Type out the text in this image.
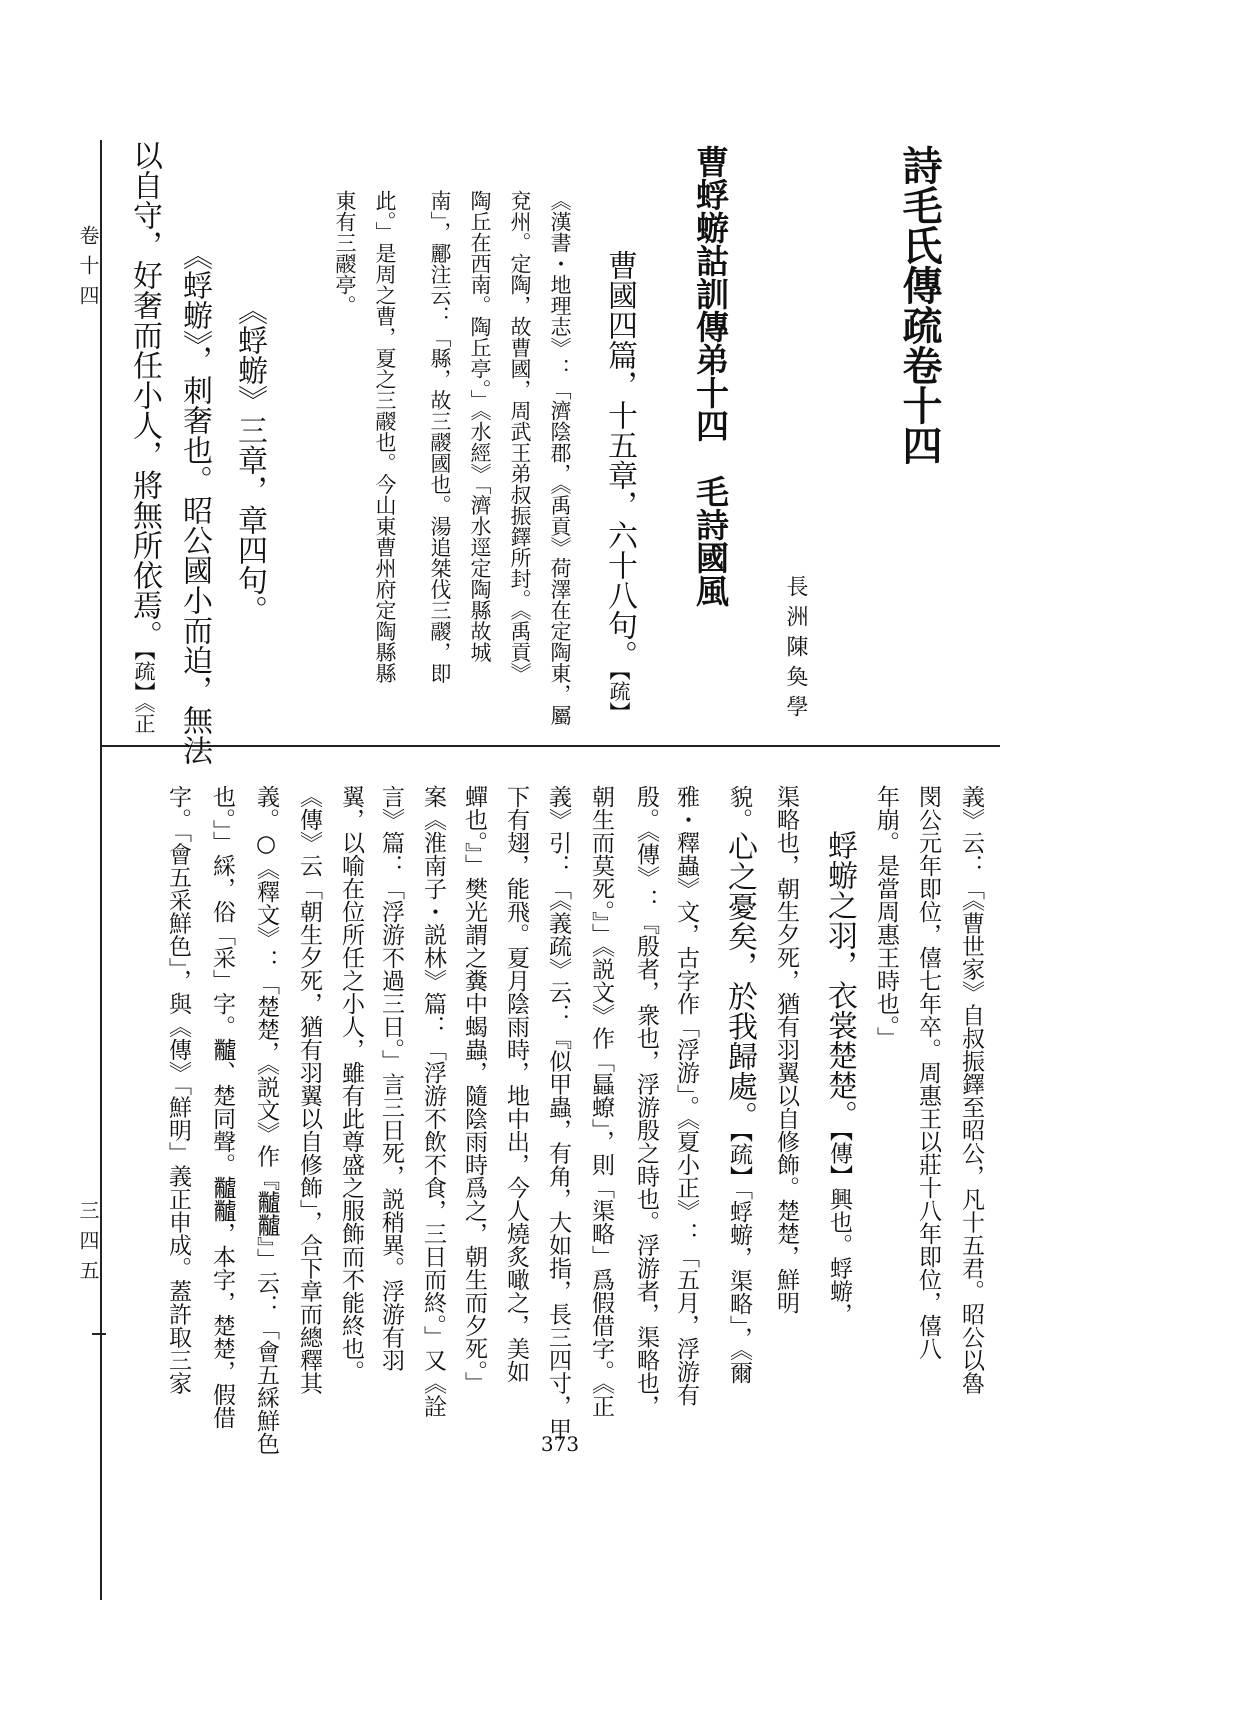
卷十四
三四五
373
詩毛氏傳疏卷十四
長洲陳奐學
曹蜉蝣詁訓傳弟十四　毛詩國風
曹國四篇，十五章，六十八句。【疏】
《漢書・地理志》：「濟陰郡，《禹貢》荷澤在定陶東，屬
兗州。定陶，故曹國，周武王弟叔振鐸所封。《禹貢》
陶丘在西南。陶丘亭。」《水經》「濟水逕定陶縣故城
南」，酈注云：「縣，故三鬷國也。湯追桀伐三鬷，即
此。」是周之曹，夏之三鬷也。今山東曹州府定陶縣縣
東有三鬷亭。
《蜉蝣》三章，章四句。
《蜉蝣》，刺奢也。昭公國小而迫，無法
以自守，好奢而任小人，將無所依焉。【疏】《正
義》云：「《曹世家》自叔振鐸至昭公，凡十五君。昭公以魯
閔公元年即位，僖七年卒。周惠王以莊十八年即位，僖八
年崩。是當周惠王時也。」
蜉蝣之羽，衣裳楚楚。【傳】興也。蜉蝣，
渠略也，朝生夕死，猶有羽翼以自修飾。楚楚，鮮明
貌。心之憂矣，於我歸處。【疏】「蜉蝣，渠略」，《爾
雅・釋蟲》文，古字作「浮游」。《夏小正》：「五月，浮游有
殷。《傳》：『殷者，衆也，浮游殷之時也。浮游者，渠略也，
朝生而莫死。』」《説文》作「螶蟟」，則「渠略」爲假借字。《正
義》引：「《義疏》云：『似甲蟲，有角，大如指，長三四寸，甲
下有翅，能飛。夏月陰雨時，地中出，今人燒炙噉之，美如
蟬也。』」樊光謂之糞中蝎蟲，隨陰雨時爲之，朝生而夕死。」
案《淮南子・説林》篇：「浮游不飲不食，三日而終。」又《詮
言》篇：「浮游不過三日。」言三日死，説稍異。浮游有羽
翼，以喻在位所任之小人，雖有此尊盛之服飾而不能終也。
《傳》云「朝生夕死，猶有羽翼以自修飾」，合下章而總釋其
義。○《釋文》：「楚楚，《説文》作『𪓐𪓐』」云：「會五綵鮮色
也。」」綵，俗「采」字。𪓐、楚同聲。𪓐𪓐，本字，楚楚，假借
字。「會五采鮮色」，與《傳》「鮮明」義正申成。蓋許取三家
